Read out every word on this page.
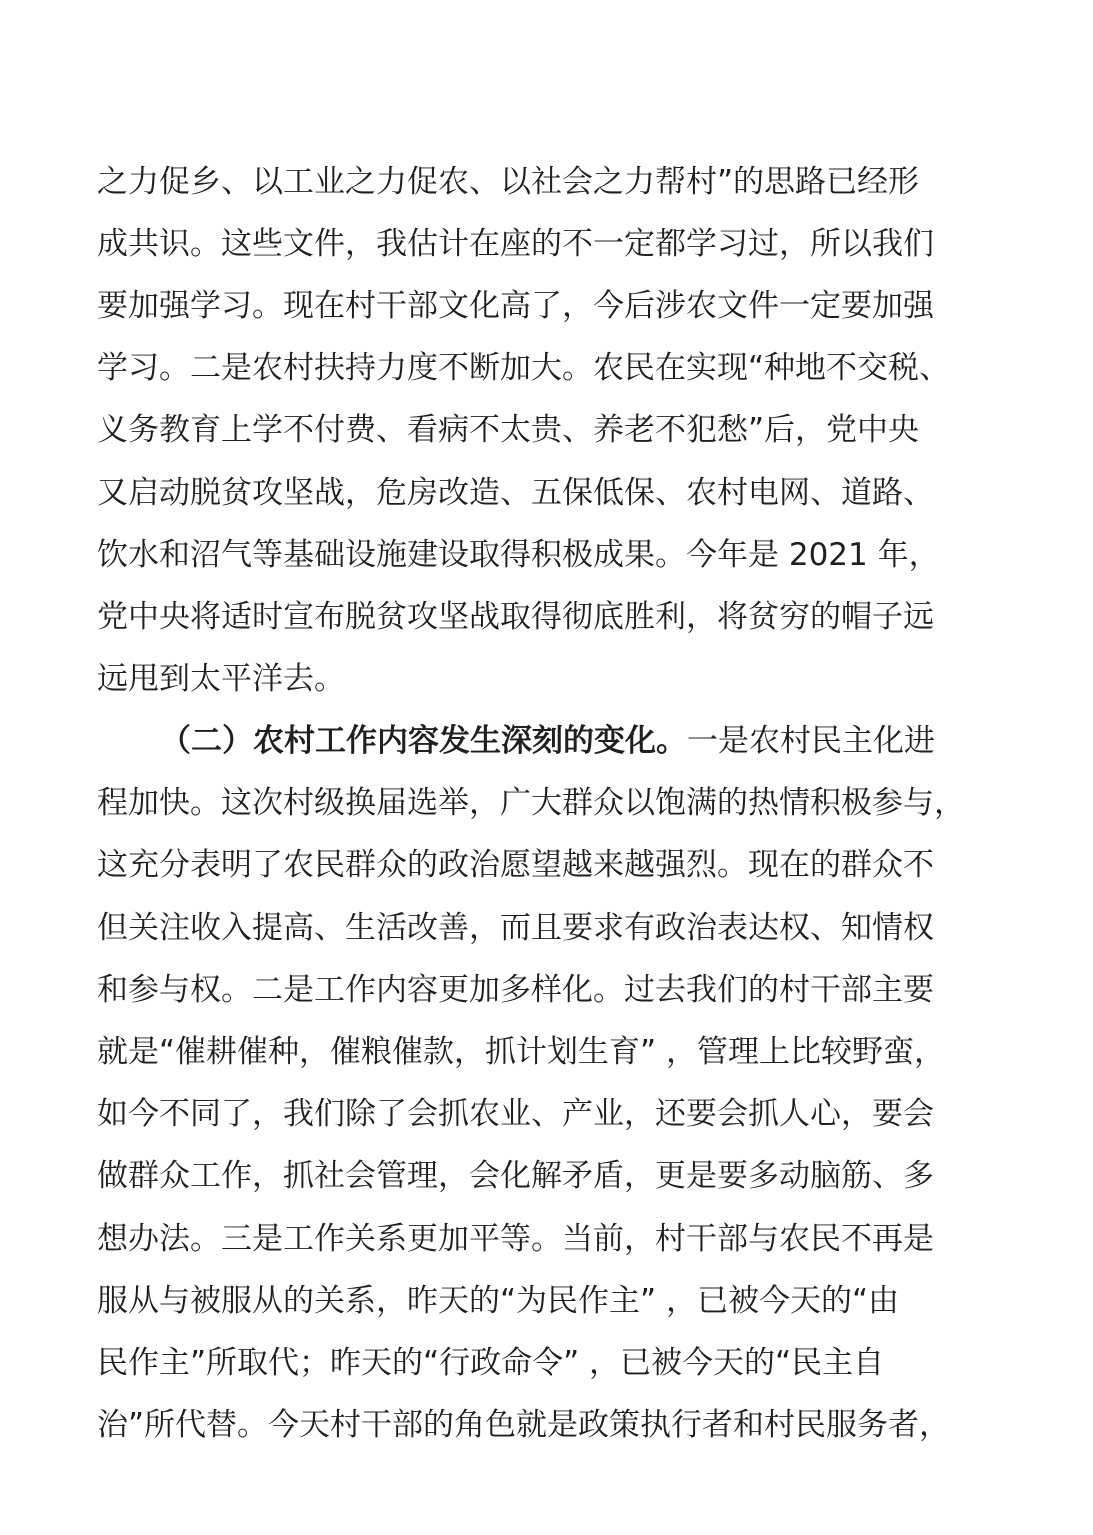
之力促乡、以工业之力促农、以社会之力帮村”的思路已经形
成共识。这些文件，我估计在座的不一定都学习过，所以我们
要加强学习。现在村干部文化高了，今后涉农文件一定要加强
学习。二是农村扶持力度不断加大。农民在实现“种地不交税、
义务教育上学不付费、看病不太贵、养老不犯愁”后，党中央
又启动脱贫攻坚战，危房改造、五保低保、农村电网、道路、
饮水和沼气等基础设施建设取得积极成果。今年是 2021 年，
党中央将适时宣布脱贫攻坚战取得彻底胜利，将贫穷的帽子远
远甩到太平洋去。
（二）农村工作内容发生深刻的变化。一是农村民主化进
程加快。这次村级换届选举，广大群众以饱满的热情积极参与，
这充分表明了农民群众的政治愿望越来越强烈。现在的群众不
但关注收入提高、生活改善，而且要求有政治表达权、知情权
和参与权。二是工作内容更加多样化。过去我们的村干部主要
就是“催耕催种，催粮催款，抓计划生育” ，管理上比较野蛮，
如今不同了，我们除了会抓农业、产业，还要会抓人心，要会
做群众工作，抓社会管理，会化解矛盾，更是要多动脑筋、多
想办法。三是工作关系更加平等。当前，村干部与农民不再是
服从与被服从的关系，昨天的“为民作主” ，已被今天的“由
民作主”所取代；昨天的“行政命令” ，已被今天的“民主自
治”所代替。今天村干部的角色就是政策执行者和村民服务者，
